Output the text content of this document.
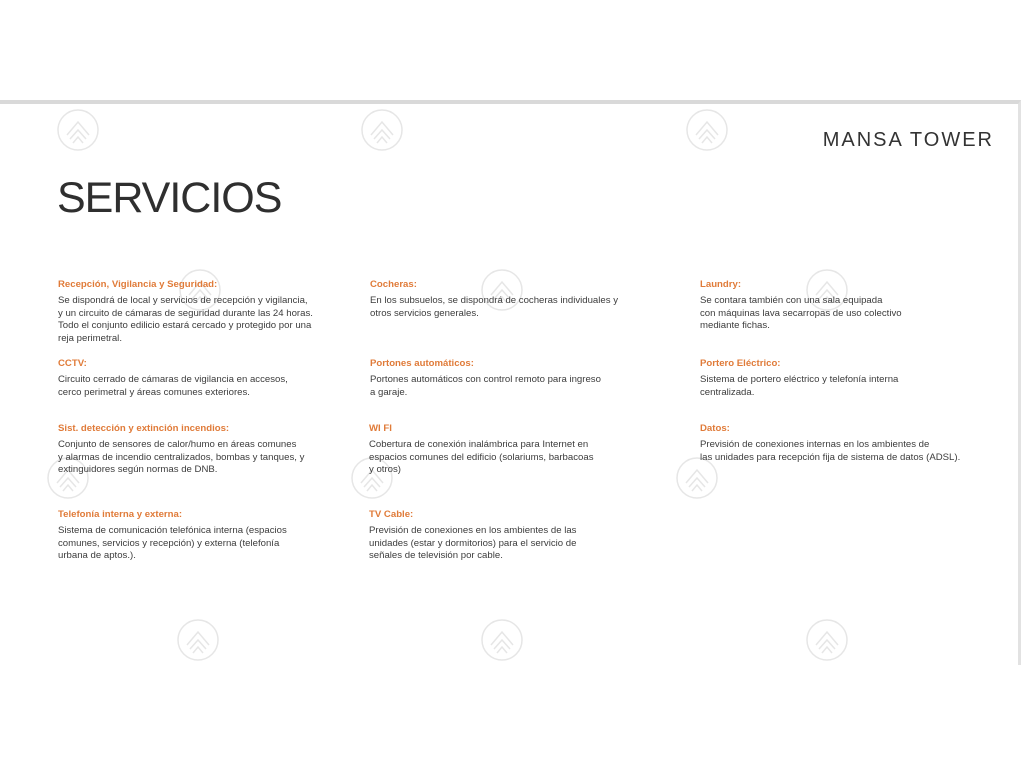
MANSA TOWER
SERVICIOS

Recepción, Vigilancia y Seguridad:

Se dispondrá de local y servicios de recepción y vigilancia,
y un circuito de cámaras de seguridad durante las 24 horas.
Todo el conjunto edilicio estará cercado y protegido por una
reja perimetral.

CCTV:

Circuito cerrado de cámaras de vigilancia en accesos,
cerco perimetral y áreas comunes exteriores.

Sist. detección y extinción incendios:

Conjunto de sensores de calor/humo en áreas comunes
y alarmas de incendio centralizados, bombas y tanques, y
extinguidores según normas de DNB.

Telefonía interna y externa:

Sistema de comunicación telefónica interna (espacios
comunes, servicios y recepción) y externa (telefonía
urbana de aptos.).

Cocheras:

En los subsuelos, se dispondrá de cocheras individuales y
otros servicios generales.

Portones automáticos:

Portones automáticos con control remoto para ingreso
a garaje.

WI FI

Cobertura de conexión inalámbrica para Internet en
espacios comunes del edificio (solariums, barbacoas
y otros)

TV Cable:

Previsión de conexiones en los ambientes de las
unidades (estar y dormitorios) para el servicio de
señales de televisión por cable.

Laundry:

Se contara también con una sala equipada
con máquinas lava secarropas de uso colectivo
mediante fichas.

Portero Eléctrico:

Sistema de portero eléctrico y telefonía interna
centralizada.

Datos:

Previsión de conexiones internas en los ambientes de
las unidades para recepción fija de sistema de datos (ADSL).
